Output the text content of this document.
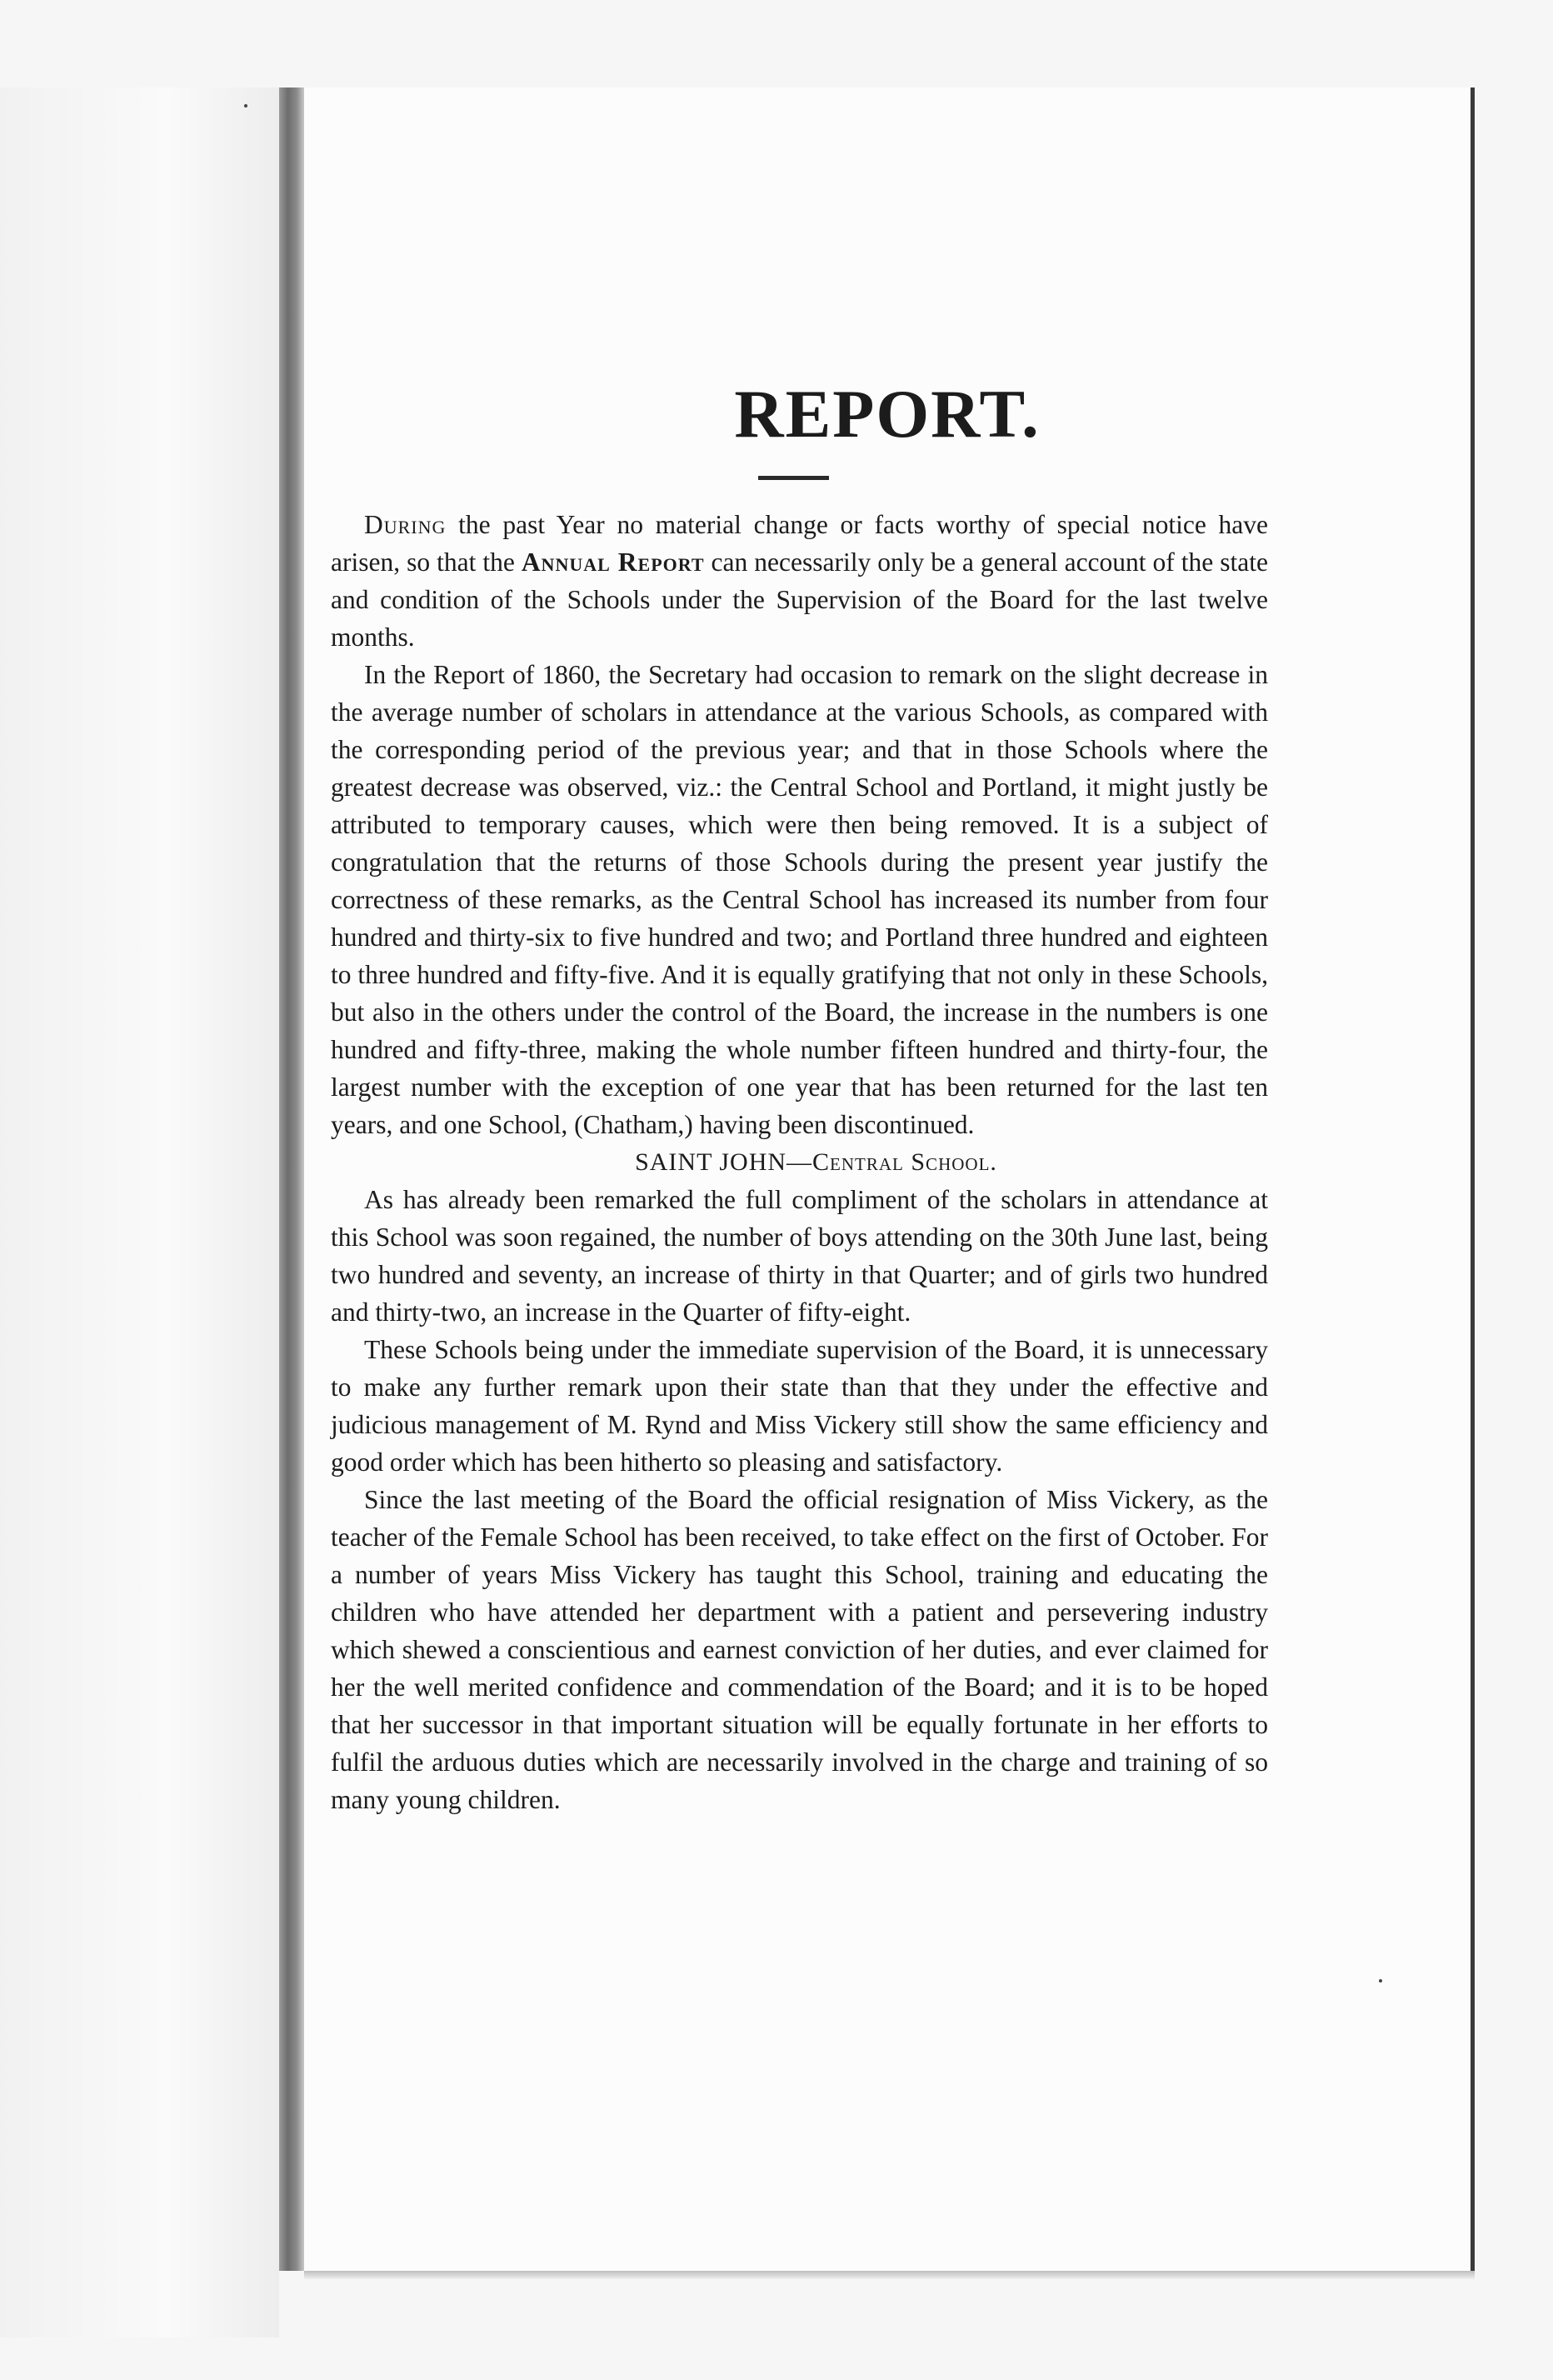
REPORT.

During the past Year no material change or facts worthy of special notice have arisen, so that the Annual Report can necessarily only be a general account of the state and condition of the Schools under the Supervision of the Board for the last twelve months.

In the Report of 1860, the Secretary had occasion to remark on the slight decrease in the average number of scholars in attendance at the various Schools, as compared with the corresponding period of the previous year; and that in those Schools where the greatest decrease was observed, viz.: the Central School and Portland, it might justly be attributed to temporary causes, which were then being removed. It is a subject of congratulation that the returns of those Schools during the present year justify the correctness of these remarks, as the Central School has increased its number from four hundred and thirty-six to five hundred and two; and Portland three hundred and eighteen to three hundred and fifty-five. And it is equally gratifying that not only in these Schools, but also in the others under the control of the Board, the increase in the numbers is one hundred and fifty-three, making the whole number fifteen hundred and thirty-four, the largest number with the exception of one year that has been returned for the last ten years, and one School, (Chatham,) having been discontinued.

SAINT JOHN—Central School.

As has already been remarked the full compliment of the scholars in attendance at this School was soon regained, the number of boys attending on the 30th June last, being two hundred and seventy, an increase of thirty in that Quarter; and of girls two hundred and thirty-two, an increase in the Quarter of fifty-eight.

These Schools being under the immediate supervision of the Board, it is unnecessary to make any further remark upon their state than that they under the effective and judicious management of M. Rynd and Miss Vickery still show the same efficiency and good order which has been hitherto so pleasing and satisfactory.

Since the last meeting of the Board the official resignation of Miss Vickery, as the teacher of the Female School has been received, to take effect on the first of October. For a number of years Miss Vickery has taught this School, training and educating the children who have attended her department with a patient and persevering industry which shewed a conscientious and earnest conviction of her duties, and ever claimed for her the well merited confidence and commendation of the Board; and it is to be hoped that her successor in that important situation will be equally fortunate in her efforts to fulfil the arduous duties which are necessarily involved in the charge and training of so many young children.
